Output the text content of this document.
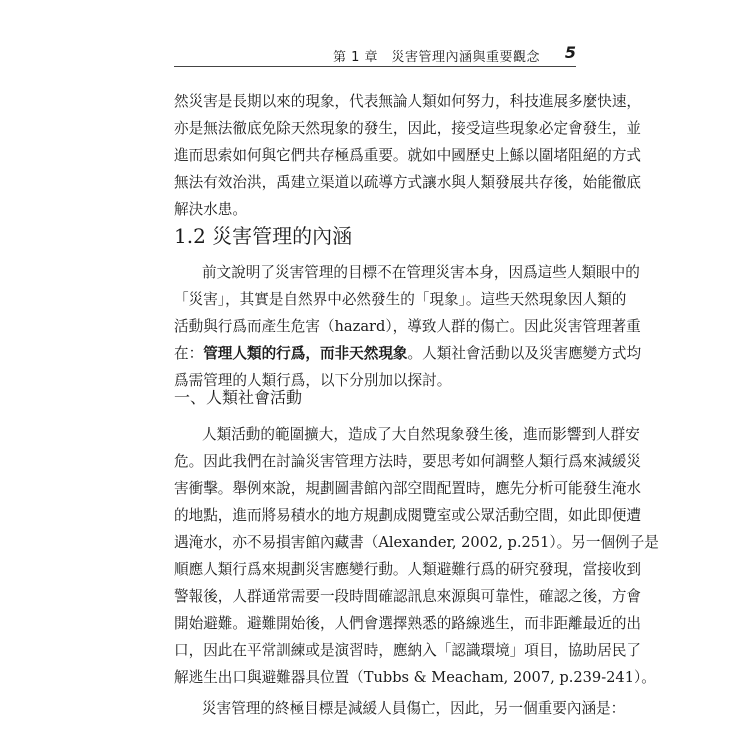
第 1 章　災害管理內涵與重要觀念 5
然災害是長期以來的現象，代表無論人類如何努力，科技進展多麼快速，
亦是無法徹底免除天然現象的發生，因此，接受這些現象必定會發生，並
進而思索如何與它們共存極爲重要。就如中國歷史上鯀以圍堵阻絕的方式
無法有效治洪，禹建立渠道以疏導方式讓水與人類發展共存後，始能徹底
解決水患。
1.2 災害管理的內涵
前文說明了災害管理的目標不在管理災害本身，因爲這些人類眼中的
「災害」，其實是自然界中必然發生的「現象」。這些天然現象因人類的
活動與行爲而產生危害（hazard），導致人群的傷亡。因此災害管理著重
在：管理人類的行爲，而非天然現象。人類社會活動以及災害應變方式均
爲需管理的人類行爲，以下分別加以探討。
一、人類社會活動
人類活動的範圍擴大，造成了大自然現象發生後，進而影響到人群安
危。因此我們在討論災害管理方法時，要思考如何調整人類行爲來減緩災
害衝擊。舉例來說，規劃圖書館內部空間配置時，應先分析可能發生淹水
的地點，進而將易積水的地方規劃成閱覽室或公眾活動空間，如此即便遭
遇淹水，亦不易損害館內藏書（Alexander, 2002, p.251）。另一個例子是
順應人類行爲來規劃災害應變行動。人類避難行爲的研究發現，當接收到
警報後，人群通常需要一段時間確認訊息來源與可靠性，確認之後，方會
開始避難。避難開始後，人們會選擇熟悉的路線逃生，而非距離最近的出
口，因此在平常訓練或是演習時，應納入「認識環境」項目，協助居民了
解逃生出口與避難器具位置（Tubbs & Meacham, 2007, p.239-241）。
災害管理的終極目標是減緩人員傷亡，因此，另一個重要內涵是：
